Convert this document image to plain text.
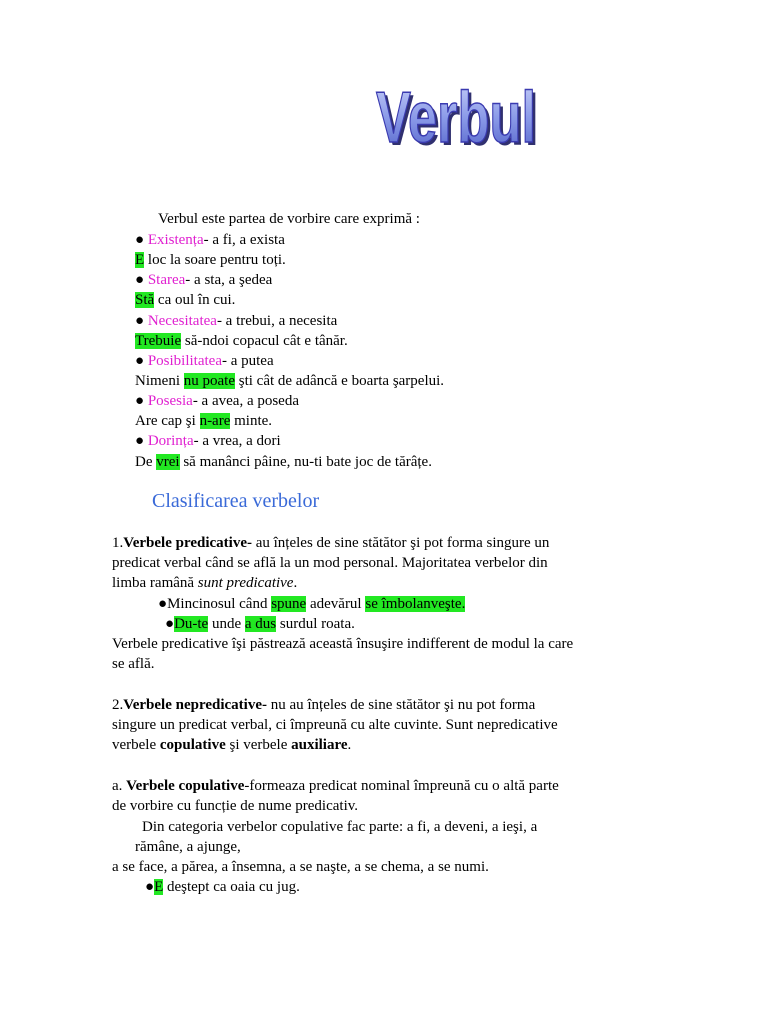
Verbul
Verbul
Verbul este partea de vorbire care exprimă :
● Existența- a fi, a exista
E loc la soare pentru toți.
● Starea- a sta, a şedea
Stă ca oul în cui.
● Necesitatea- a trebui, a necesita
Trebuie să-ndoi copacul cât e tânăr.
● Posibilitatea- a putea
Nimeni nu poate şti cât de adâncă e boarta şarpelui.
● Posesia- a avea, a poseda
Are cap şi n-are minte.
● Dorința- a vrea, a dori
De vrei să manânci pâine, nu-ti bate joc de tărâțe.
Clasificarea verbelor
1.Verbele predicative- au înțeles de sine stătător şi pot forma singure un
predicat verbal când se află la un mod personal. Majoritatea verbelor din
limba ramână sunt predicative.
●Mincinosul când spune adevărul se îmbolanveşte.
●Du-te unde a dus surdul roata.
Verbele predicative îşi păstrează această însuşire indifferent de modul la care
se află.
2.Verbele nepredicative- nu au înțeles de sine stătător şi nu pot forma
singure un predicat verbal, ci împreună cu alte cuvinte. Sunt nepredicative
verbele copulative şi verbele auxiliare.
a. Verbele copulative-formeaza predicat nominal împreună cu o altă parte
de vorbire cu funcție de nume predicativ.
Din categoria verbelor copulative fac parte: a fi, a deveni, a ieşi, a
rămâne, a ajunge,
a se face, a părea, a însemna, a se naşte, a se chema, a se numi.
●E deştept ca oaia cu jug.
